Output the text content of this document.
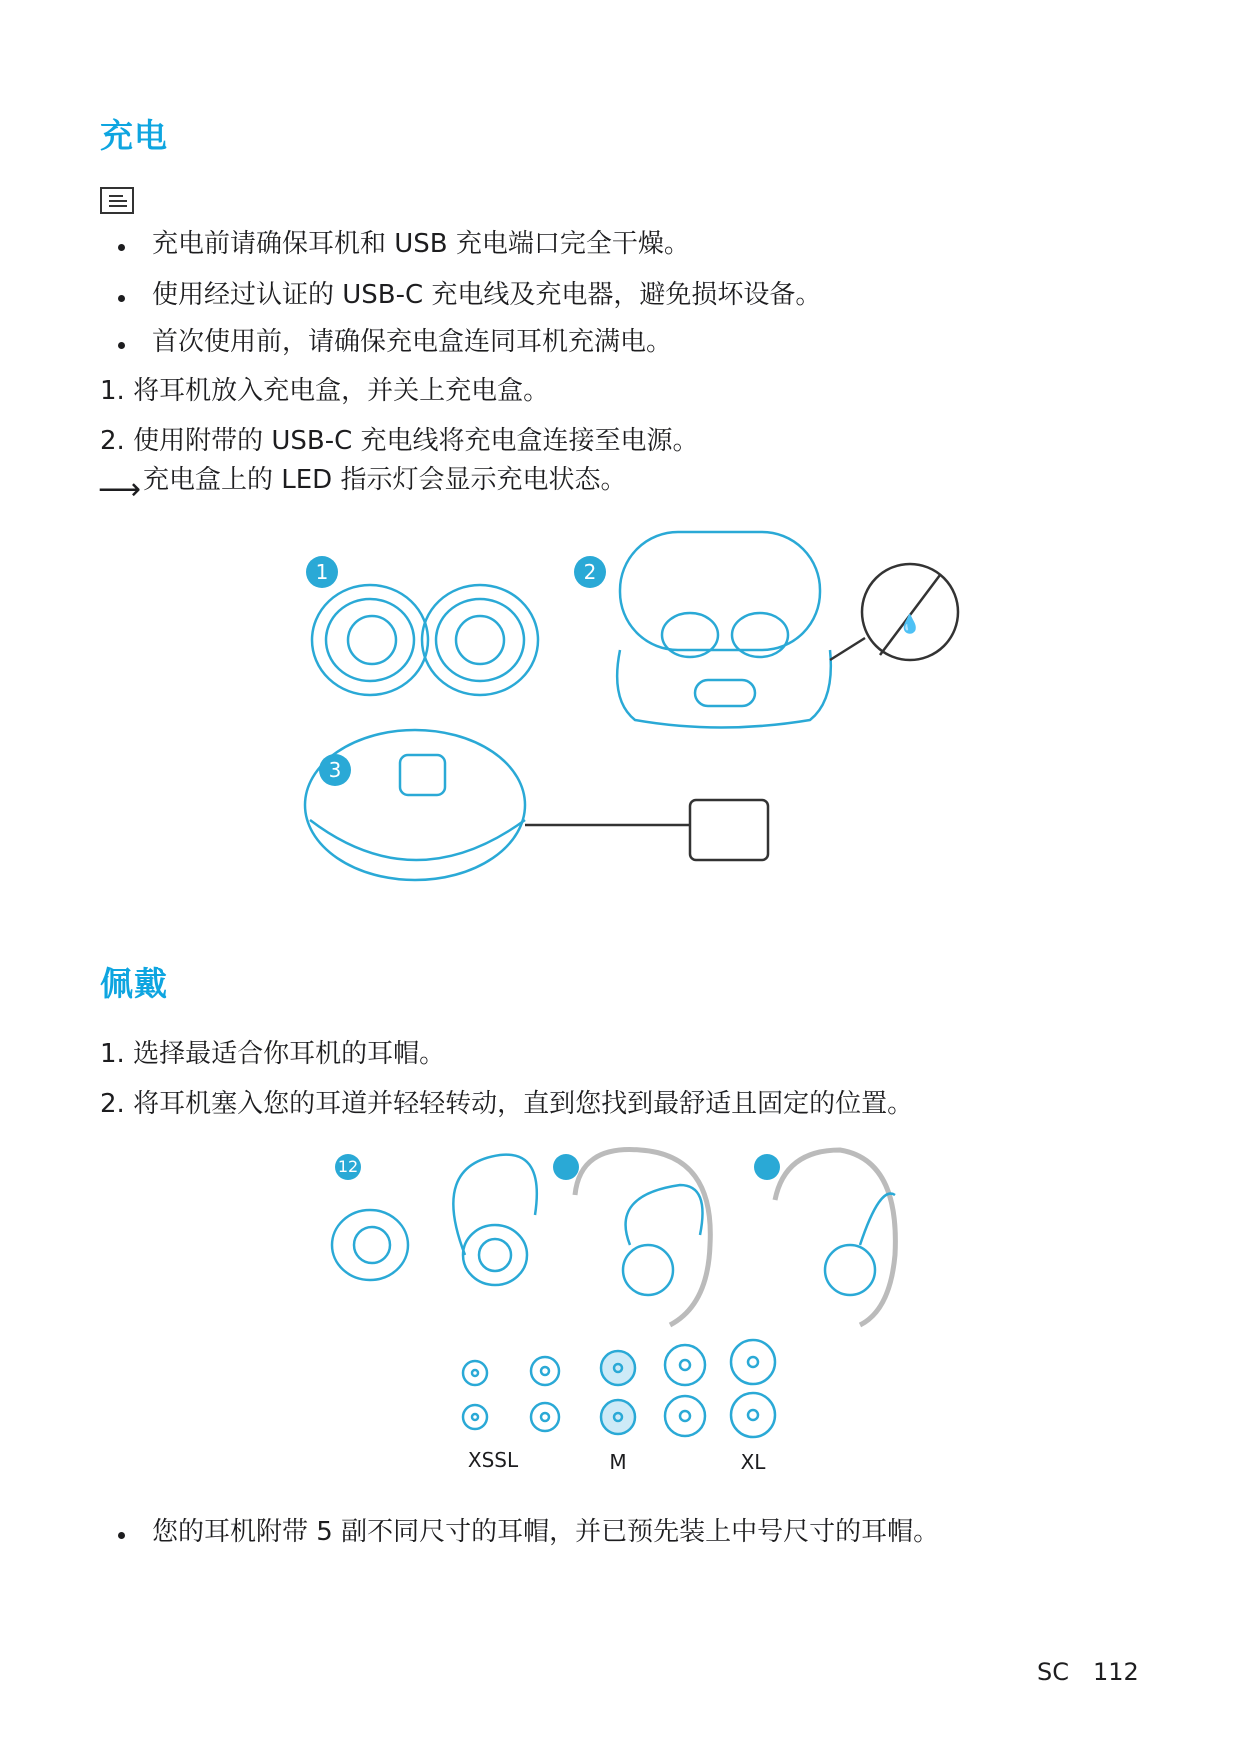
充电
充电前请确保耳机和 USB 充电端口完全干燥。
使用经过认证的 USB-C 充电线及充电器，避免损坏设备。
首次使用前，请确保充电盒连同耳机充满电。
1. 将耳机放入充电盒，并关上充电盒。
2. 使用附带的 USB-C 充电线将充电盒连接至电源。
⟶ 充电盒上的 LED 指示灯会显示充电状态。
💧
1	2
3
佩戴
1. 选择最适合你耳机的耳帽。
2. 将耳机塞入您的耳道并轻轻转动，直到您找到最舒适且固定的位置。
12
XSSL	M	XL
您的耳机附带 5 副不同尺寸的耳帽，并已预先装上中号尺寸的耳帽。
SC 112
